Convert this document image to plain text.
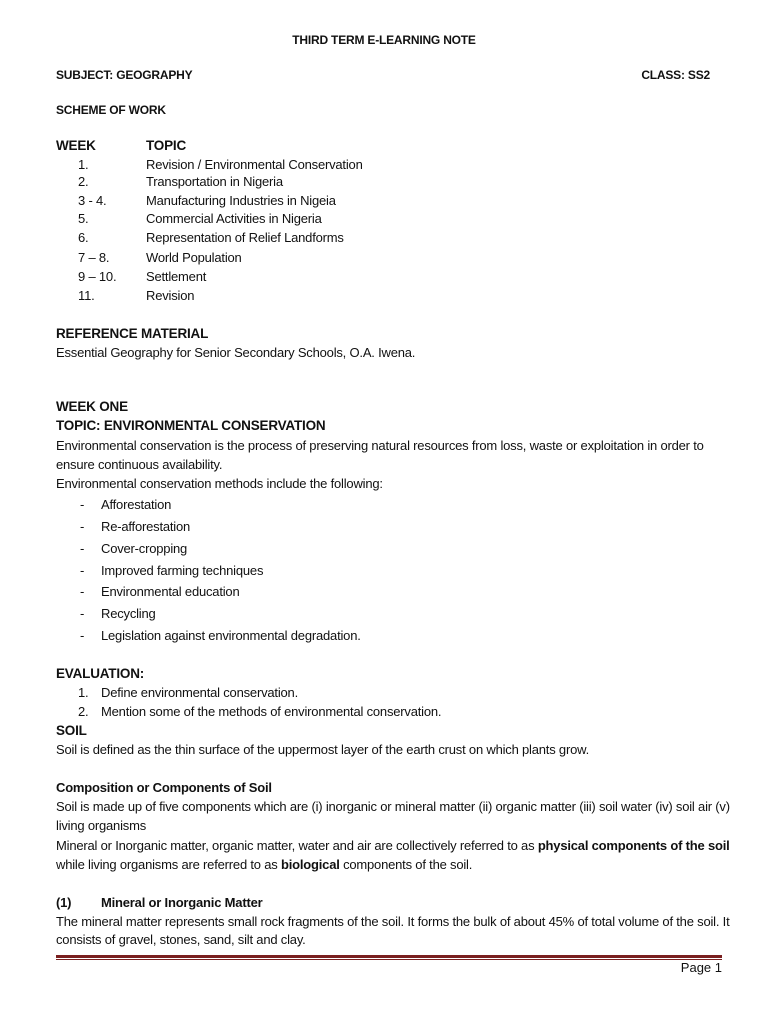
THIRD TERM E-LEARNING NOTE
SUBJECT: GEOGRAPHY	CLASS: SS2
SCHEME OF WORK
WEEK	TOPIC
1.	Revision / Environmental Conservation
2.	Transportation in Nigeria
3 - 4.	Manufacturing Industries in Nigeia
5.	Commercial Activities in Nigeria
6.	Representation of Relief Landforms
7 – 8.	World Population
9 – 10. Settlement
11.	Revision
REFERENCE MATERIAL
Essential Geography for Senior Secondary Schools, O.A. Iwena.
WEEK ONE
TOPIC: ENVIRONMENTAL CONSERVATION
Environmental conservation is the process of preserving natural resources from loss, waste or exploitation in order to
ensure continuous availability.
Environmental conservation methods include the following:
- Afforestation
- Re-afforestation
- Cover-cropping
- Improved farming techniques
- Environmental education
- Recycling
- Legislation against environmental degradation.
EVALUATION:
1. Define environmental conservation.
2. Mention some of the methods of environmental conservation.
SOIL
Soil is defined as the thin surface of the uppermost layer of the earth crust on which plants grow.
Composition or Components of Soil
Soil is made up of five components which are (i) inorganic or mineral matter (ii) organic matter (iii) soil water (iv) soil air (v)
living organisms
Mineral or Inorganic matter, organic matter, water and air are collectively referred to as physical components of the soil
while living organisms are referred to as biological components of the soil.
(1) Mineral or Inorganic Matter
The mineral matter represents small rock fragments of the soil. It forms the bulk of about 45% of total volume of the soil. It
consists of gravel, stones, sand, silt and clay.
Page 1
